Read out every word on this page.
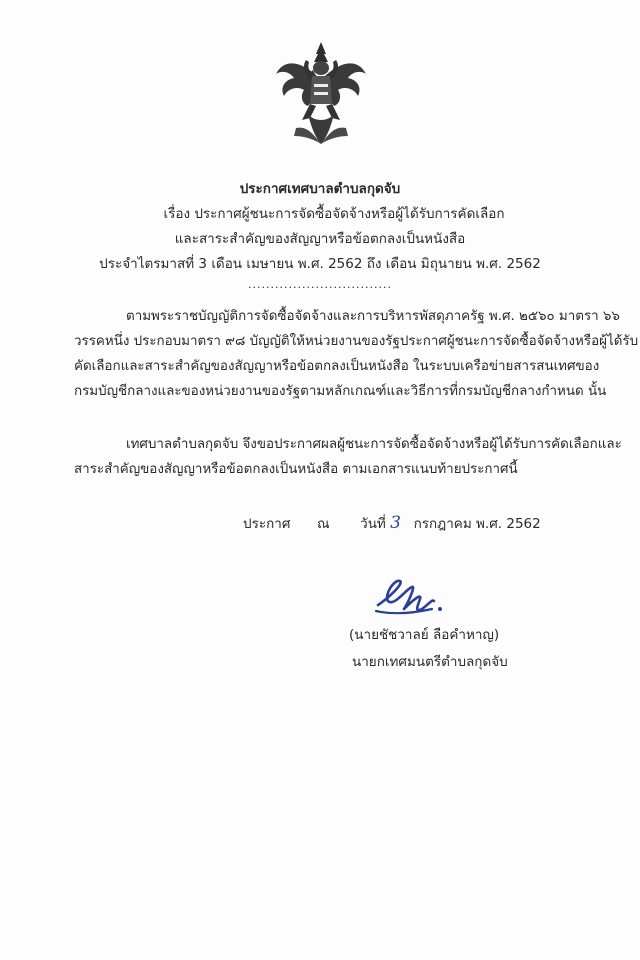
ประกาศเทศบาลตำบลกุดจับ
เรื่อง ประกาศผู้ชนะการจัดซื้อจัดจ้างหรือผู้ได้รับการคัดเลือก
และสาระสำคัญของสัญญาหรือข้อตกลงเป็นหนังสือ
ประจำไตรมาสที่ 3 เดือน เมษายน พ.ศ. 2562 ถึง เดือน มิถุนายน พ.ศ. 2562
................................
ตามพระราชบัญญัติการจัดซื้อจัดจ้างและการบริหารพัสดุภาครัฐ พ.ศ. ๒๕๖๐ มาตรา ๖๖
วรรคหนึ่ง ประกอบมาตรา ๙๘ บัญญัติให้หน่วยงานของรัฐประกาศผู้ชนะการจัดซื้อจัดจ้างหรือผู้ได้รับ
คัดเลือกและสาระสำคัญของสัญญาหรือข้อตกลงเป็นหนังสือ ในระบบเครือข่ายสารสนเทศของ
กรมบัญชีกลางและของหน่วยงานของรัฐตามหลักเกณฑ์และวิธีการที่กรมบัญชีกลางกำหนด นั้น
เทศบาลตำบลกุดจับ จึงขอประกาศผลผู้ชนะการจัดซื้อจัดจ้างหรือผู้ได้รับการคัดเลือกและ
สาระสำคัญของสัญญาหรือข้อตกลงเป็นหนังสือ ตามเอกสารแนบท้ายประกาศนี้
ประกาศ ณ วันที่ 3 กรกฎาคม พ.ศ. 2562
(นายชัชวาลย์ ลือคำหาญ)
นายกเทศมนตรีตำบลกุดจับ
